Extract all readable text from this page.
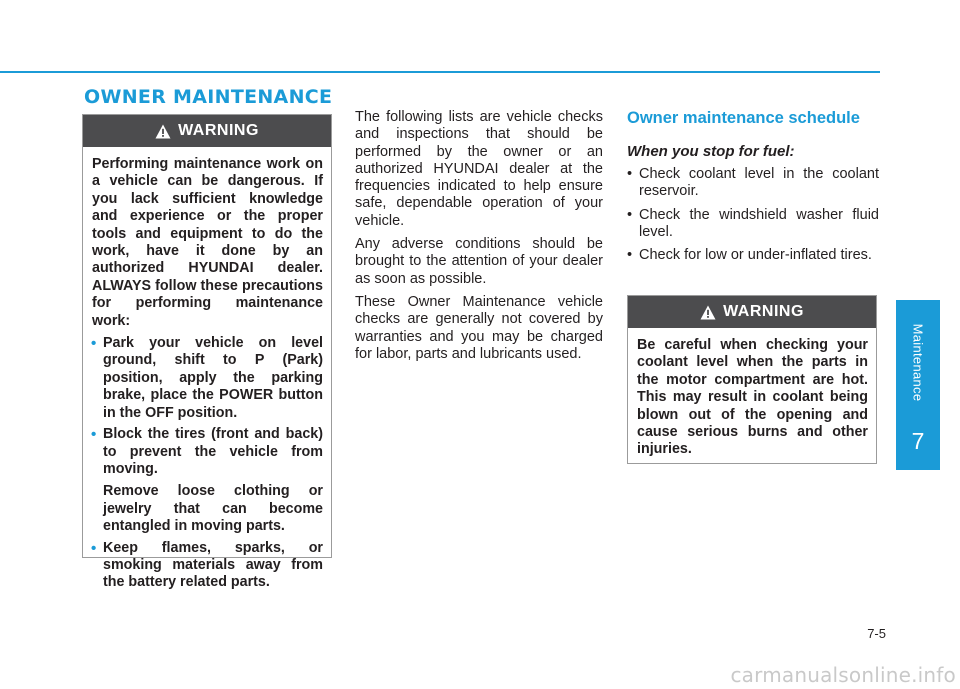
OWNER MAINTENANCE
WARNING

Performing maintenance work on a vehicle can be dangerous. If you lack sufficient knowledge and experience or the proper tools and equipment to do the work, have it done by an authorized HYUNDAI dealer. ALWAYS follow these precautions for performing maintenance work:

• Park your vehicle on level ground, shift to P (Park) position, apply the parking brake, place the POWER button in the OFF position.
• Block the tires (front and back) to prevent the vehicle from moving.
Remove loose clothing or jewelry that can become entangled in moving parts.
• Keep flames, sparks, or smoking materials away from the battery related parts.

The following lists are vehicle checks and inspections that should be performed by the owner or an authorized HYUNDAI dealer at the frequencies indicated to help ensure safe, dependable operation of your vehicle.

Any adverse conditions should be brought to the attention of your dealer as soon as possible.

These Owner Maintenance vehicle checks are generally not covered by warranties and you may be charged for labor, parts and lubricants used.

Owner maintenance schedule
When you stop for fuel:
• Check coolant level in the coolant reservoir.
• Check the windshield washer fluid level.
• Check for low or under-inflated tires.
WARNING

Be careful when checking your coolant level when the parts in the motor compartment are hot. This may result in coolant being blown out of the opening and cause serious burns and other injuries.

Maintenance
7
7-5
carmanualsonline.info
